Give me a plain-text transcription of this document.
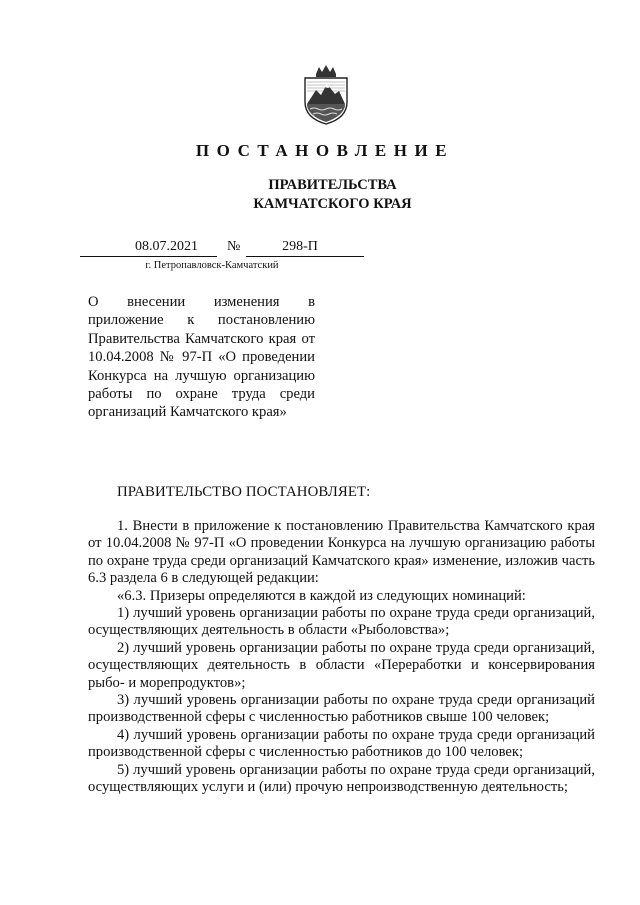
ПОСТАНОВЛЕНИЕ
ПРАВИТЕЛЬСТВА
КАМЧАТСКОГО КРАЯ
08.07.2021	№	298-П
г. Петропавловск-Камчатский
О внесении изменения в приложение к постановлению Правительства Камчатского края от 10.04.2008 № 97-П «О проведении Конкурса на лучшую организацию работы по охране труда среди организаций Камчатского края»
ПРАВИТЕЛЬСТВО ПОСТАНОВЛЯЕТ:

1. Внести в приложение к постановлению Правительства Камчатского края от 10.04.2008 № 97-П «О проведении Конкурса на лучшую организацию работы по охране труда среди организаций Камчатского края» изменение, изложив часть 6.3 раздела 6 в следующей редакции:

«6.3. Призеры определяются в каждой из следующих номинаций:

1) лучший уровень организации работы по охране труда среди организаций, осуществляющих деятельность в области «Рыболовства»;

2) лучший уровень организации работы по охране труда среди организаций, осуществляющих деятельность в области «Переработки и консервирования рыбо- и морепродуктов»;

3) лучший уровень организации работы по охране труда среди организаций производственной сферы с численностью работников свыше 100 человек;

4) лучший уровень организации работы по охране труда среди организаций производственной сферы с численностью работников до 100 человек;

5) лучший уровень организации работы по охране труда среди организаций, осуществляющих услуги и (или) прочую непроизводственную деятельность;
